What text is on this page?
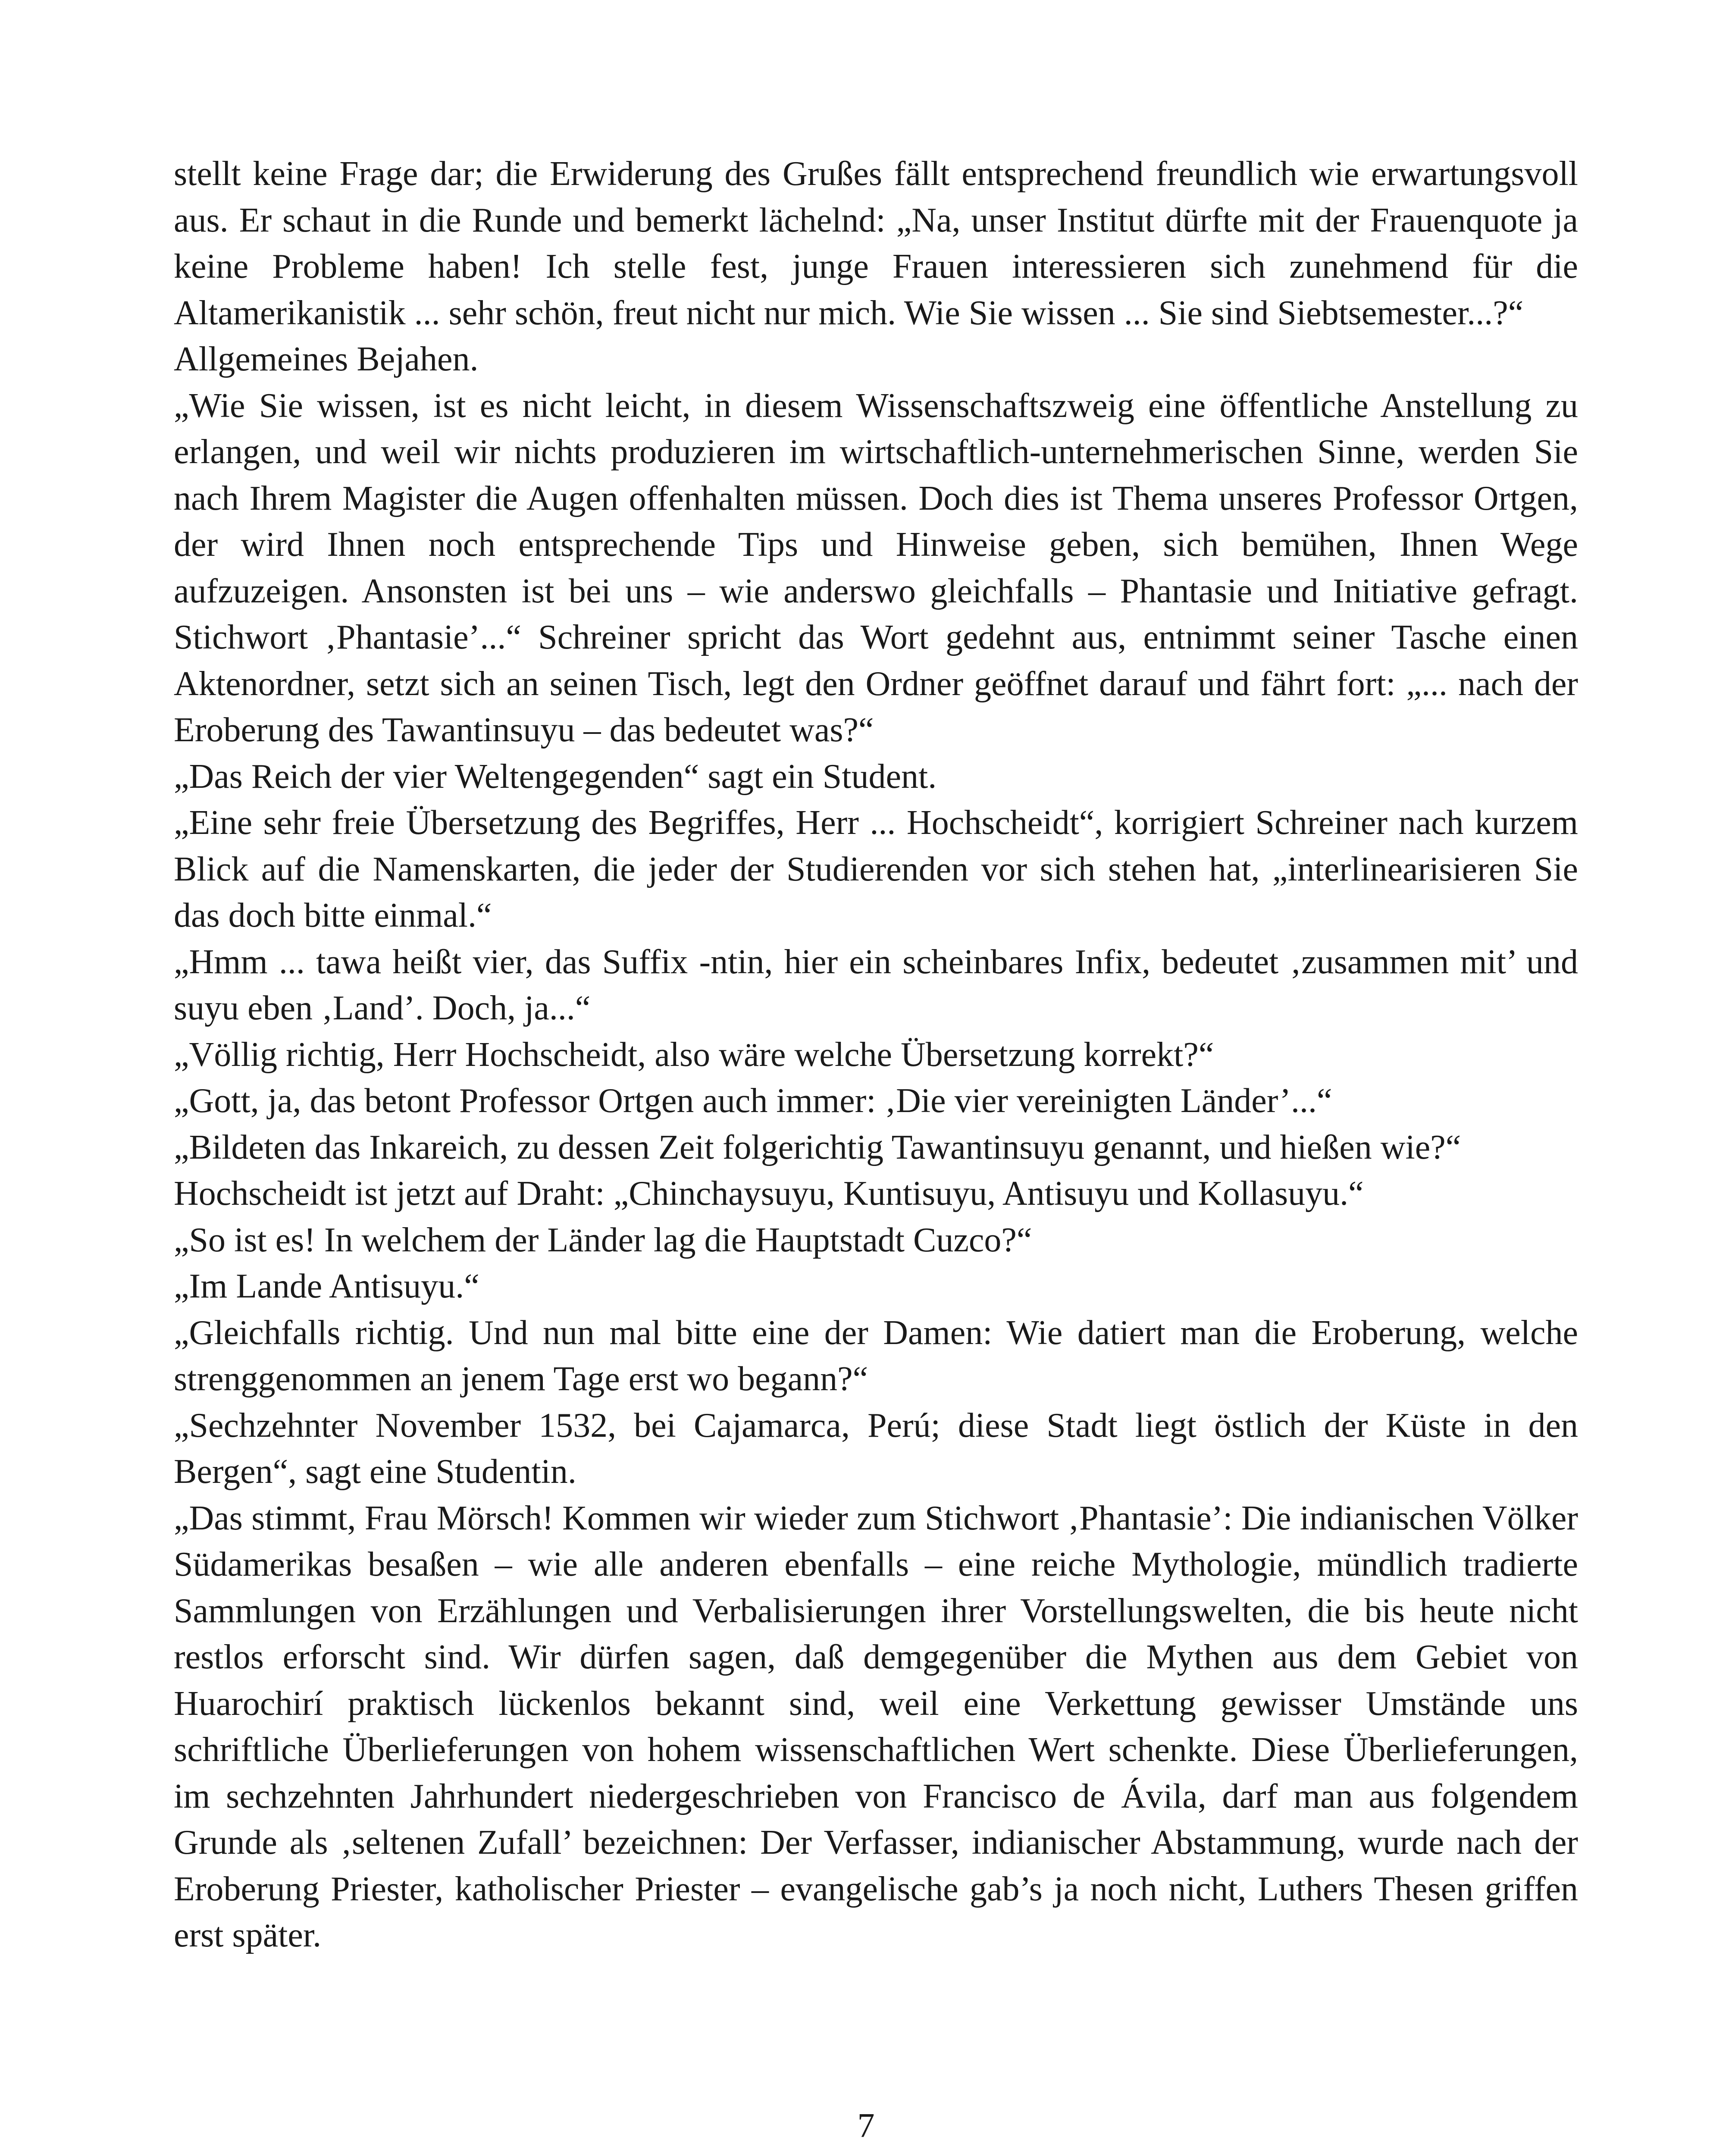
stellt keine Frage dar; die Erwiderung des Grußes fällt entsprechend freundlich wie erwartungsvoll aus. Er schaut in die Runde und bemerkt lächelnd: „Na, unser Institut dürfte mit der Frauenquote ja keine Probleme haben! Ich stelle fest, junge Frauen interessieren sich zunehmend für die Altamerikanistik ... sehr schön, freut nicht nur mich. Wie Sie wissen ... Sie sind Siebtsemester...?“

Allgemeines Bejahen.

„Wie Sie wissen, ist es nicht leicht, in diesem Wissenschaftszweig eine öffentliche Anstellung zu erlangen, und weil wir nichts produzieren im wirtschaftlich-unternehmerischen Sinne, werden Sie nach Ihrem Magister die Augen offenhalten müssen. Doch dies ist Thema unseres Professor Ortgen, der wird Ihnen noch entsprechende Tips und Hinweise geben, sich bemühen, Ihnen Wege aufzuzeigen. Ansonsten ist bei uns – wie anderswo gleichfalls – Phantasie und Initiative gefragt. Stichwort ‚Phantasie’...“ Schreiner spricht das Wort gedehnt aus, entnimmt seiner Tasche einen Aktenordner, setzt sich an seinen Tisch, legt den Ordner geöffnet darauf und fährt fort: „... nach der Eroberung des Tawantinsuyu – das bedeutet was?“

„Das Reich der vier Weltengegenden“ sagt ein Student.

„Eine sehr freie Übersetzung des Begriffes, Herr ... Hochscheidt“, korrigiert Schreiner nach kurzem Blick auf die Namenskarten, die jeder der Studierenden vor sich stehen hat, „interlinearisieren Sie das doch bitte einmal.“

„Hmm ... tawa heißt vier, das Suffix -ntin, hier ein scheinbares Infix, bedeutet ‚zusammen mit’ und suyu eben ‚Land’. Doch, ja...“

„Völlig richtig, Herr Hochscheidt, also wäre welche Übersetzung korrekt?“

„Gott, ja, das betont Professor Ortgen auch immer: ‚Die vier vereinigten Länder’...“

„Bildeten das Inkareich, zu dessen Zeit folgerichtig Tawantinsuyu genannt, und hießen wie?“

Hochscheidt ist jetzt auf Draht: „Chinchaysuyu, Kuntisuyu, Antisuyu und Kollasuyu.“

„So ist es! In welchem der Länder lag die Hauptstadt Cuzco?“

„Im Lande Antisuyu.“

„Gleichfalls richtig. Und nun mal bitte eine der Damen: Wie datiert man die Eroberung, welche strenggenommen an jenem Tage erst wo begann?“

„Sechzehnter November 1532, bei Cajamarca, Perú; diese Stadt liegt östlich der Küste in den Bergen“, sagt eine Studentin.

„Das stimmt, Frau Mörsch! Kommen wir wieder zum Stichwort ‚Phantasie’: Die indianischen Völker Südamerikas besaßen – wie alle anderen ebenfalls – eine reiche Mythologie, mündlich tradierte Sammlungen von Erzählungen und Verbalisierungen ihrer Vorstellungswelten, die bis heute nicht restlos erforscht sind. Wir dürfen sagen, daß demgegenüber die Mythen aus dem Gebiet von Huarochirí praktisch lückenlos bekannt sind, weil eine Verkettung gewisser Umstände uns schriftliche Überlieferungen von hohem wissenschaftlichen Wert schenkte. Diese Überlieferungen, im sechzehnten Jahrhundert niedergeschrieben von Francisco de Ávila, darf man aus folgendem Grunde als ‚seltenen Zufall’ bezeichnen: Der Verfasser, indianischer Abstammung, wurde nach der Eroberung Priester, katholischer Priester – evangelische gab’s ja noch nicht, Luthers Thesen griffen erst später.

7
